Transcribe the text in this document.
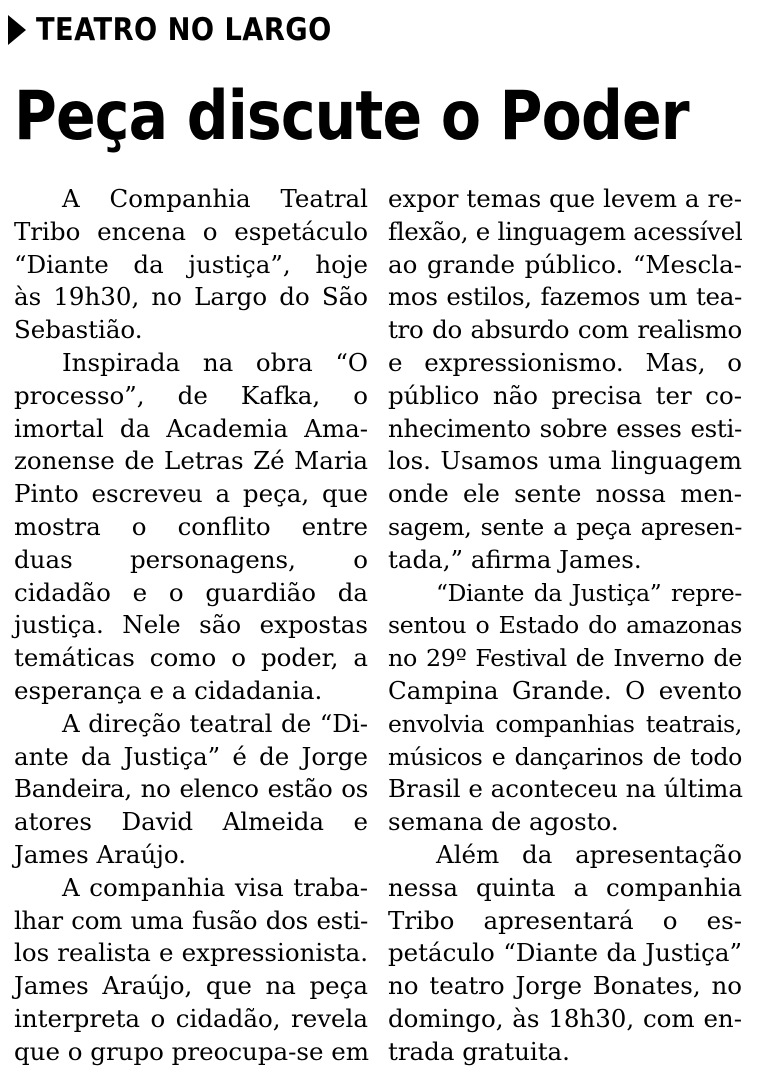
TEATRO NO LARGO
Peça discute o Poder
A Companhia Teatral
Tribo encena o espetáculo
“Diante da justiça”, hoje
às 19h30, no Largo do São
Sebastião.
Inspirada na obra “O
processo”, de Kafka, o
imortal da Academia Ama-
zonense de Letras Zé Maria
Pinto escreveu a peça, que
mostra o conflito entre
duas personagens, o
cidadão e o guardião da
justiça. Nele são expostas
temáticas como o poder, a
esperança e a cidadania.
A direção teatral de “Di-
ante da Justiça” é de Jorge
Bandeira, no elenco estão os
atores David Almeida e
James Araújo.
A companhia visa traba-
lhar com uma fusão dos esti-
los realista e expressionista.
James Araújo, que na peça
interpreta o cidadão, revela
que o grupo preocupa-se em
expor temas que levem a re-
flexão, e linguagem acessível
ao grande público. “Mescla-
mos estilos, fazemos um tea-
tro do absurdo com realismo
e expressionismo. Mas, o
público não precisa ter co-
nhecimento sobre esses esti-
los. Usamos uma linguagem
onde ele sente nossa men-
sagem, sente a peça apresen-
tada,” afirma James.
“Diante da Justiça” repre-
sentou o Estado do amazonas
no 29º Festival de Inverno de
Campina Grande. O evento
envolvia companhias teatrais,
músicos e dançarinos de todo
Brasil e aconteceu na última
semana de agosto.
Além da apresentação
nessa quinta a companhia
Tribo apresentará o es-
petáculo “Diante da Justiça”
no teatro Jorge Bonates, no
domingo, às 18h30, com en-
trada gratuita.
